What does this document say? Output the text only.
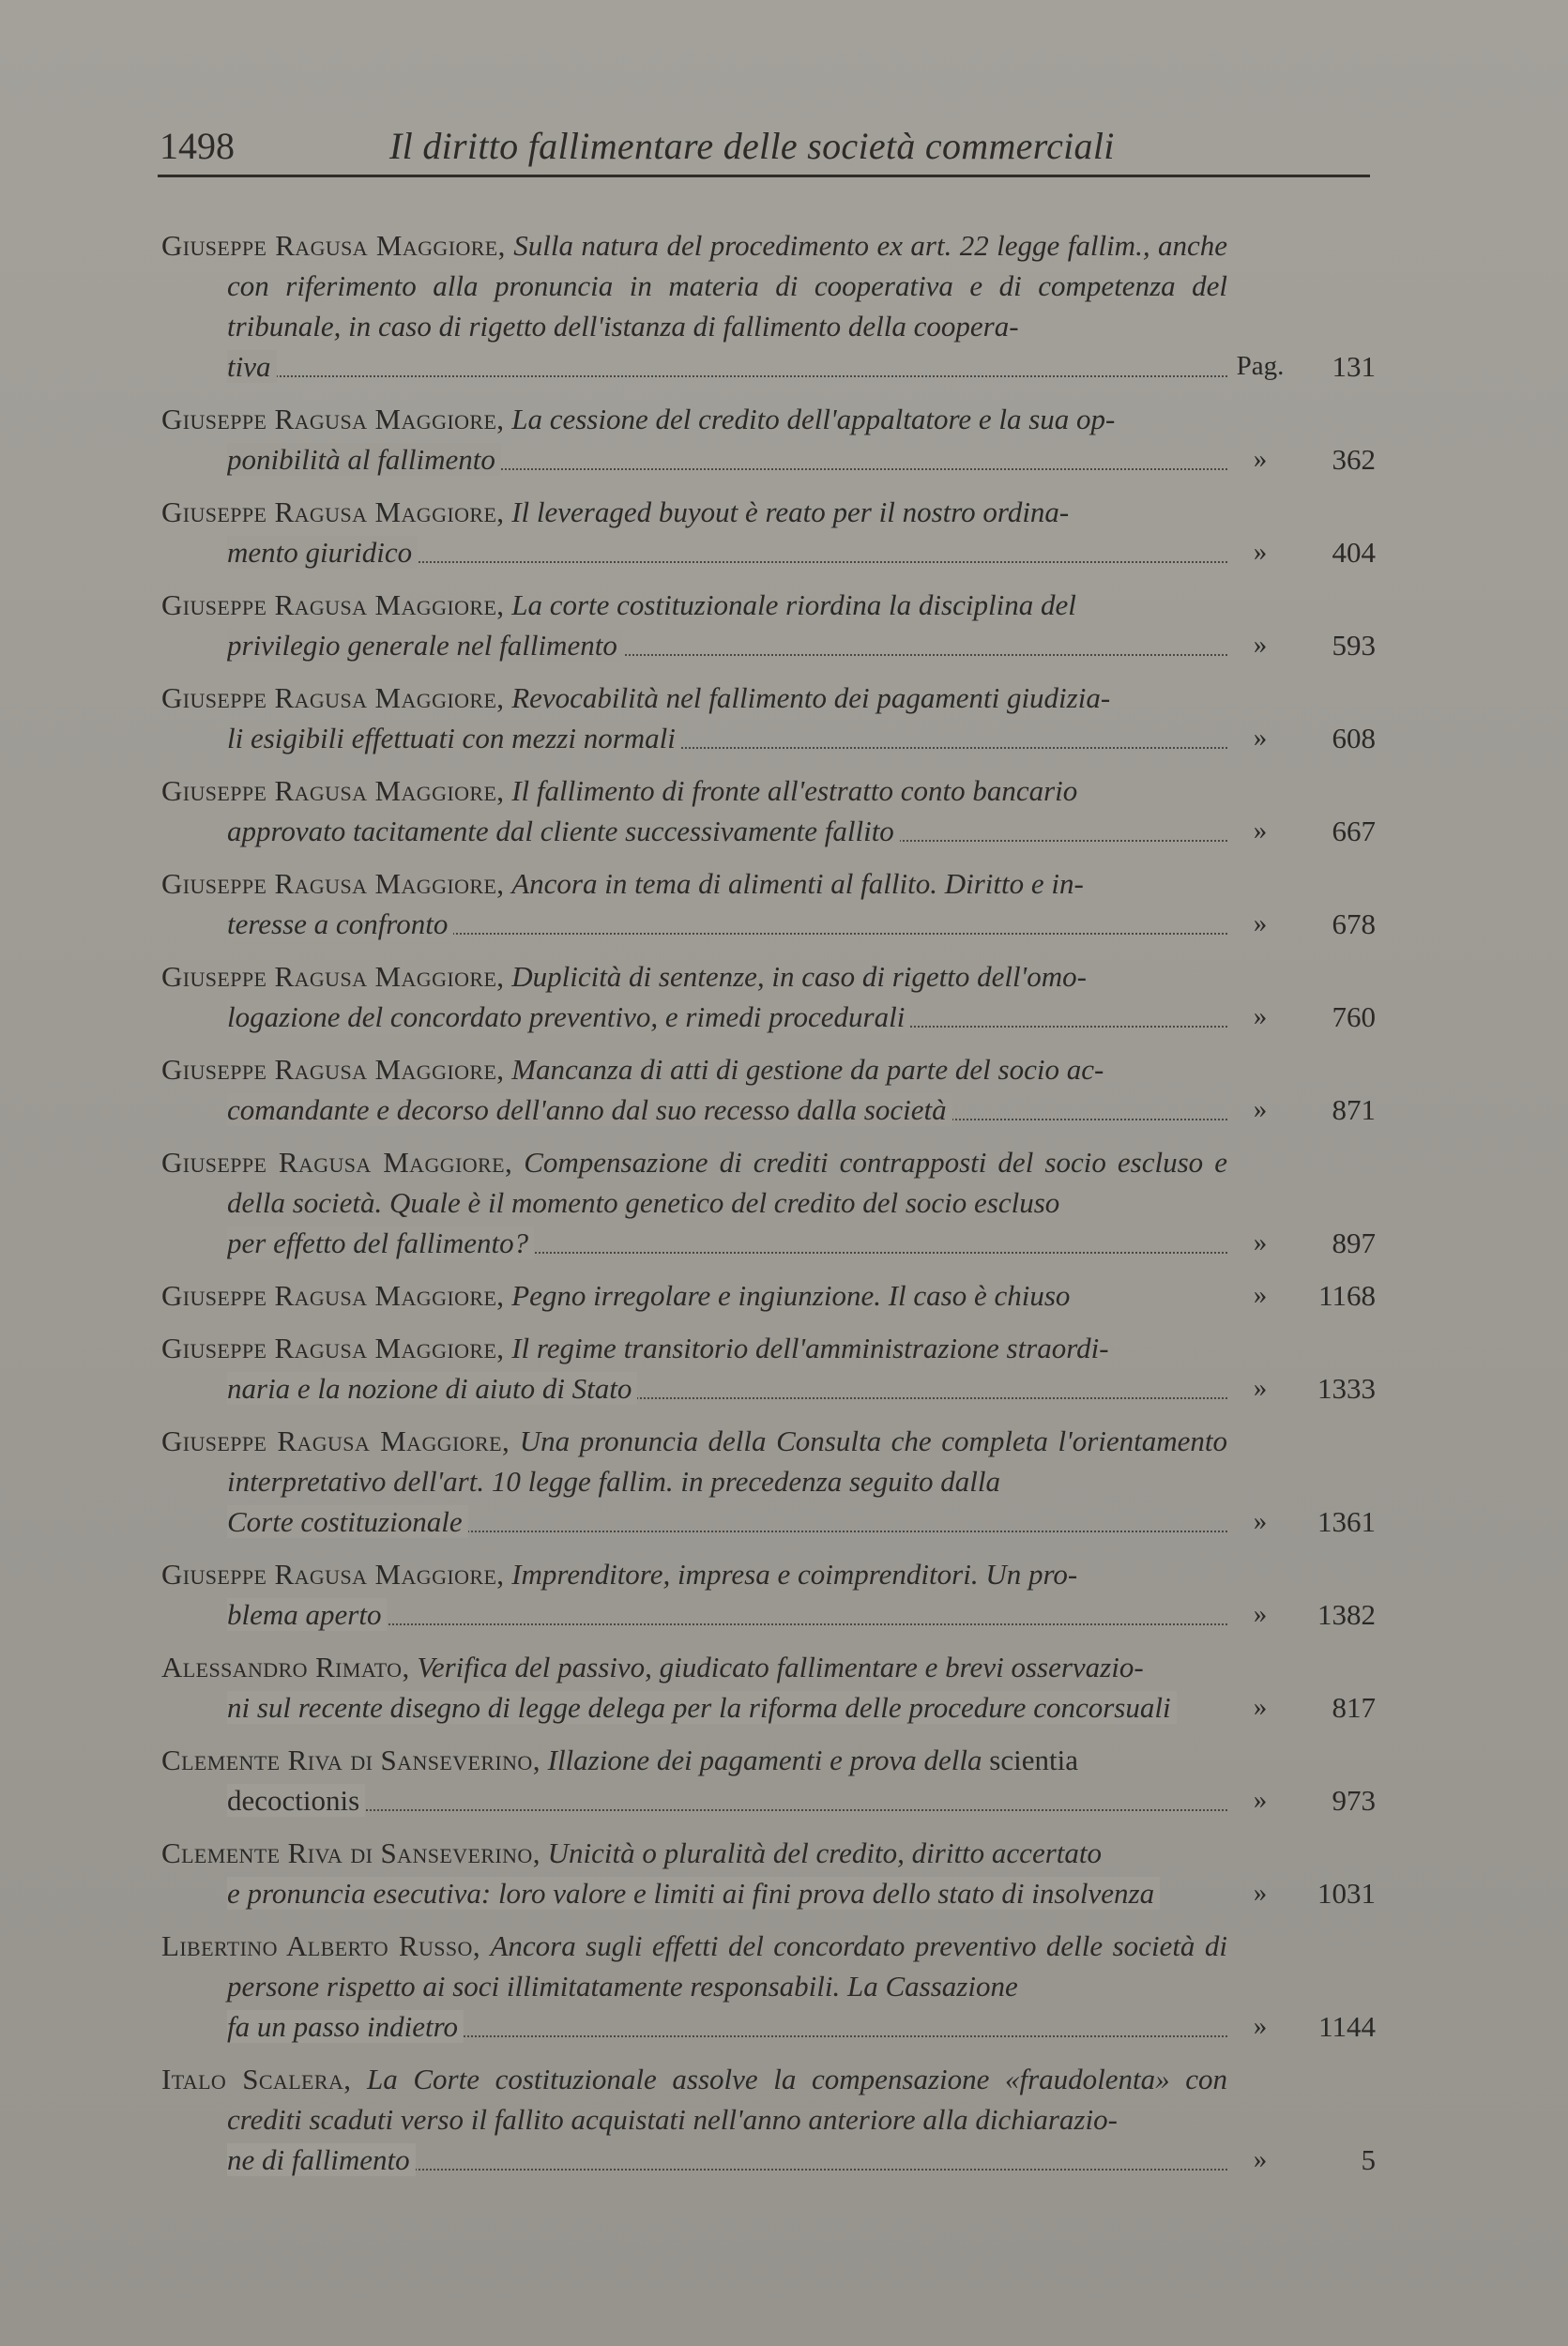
1498	Il diritto fallimentare delle società commerciali
Giuseppe Ragusa Maggiore, Sulla natura del procedimento ex art. 22 legge fallim., anche con riferimento alla pronuncia in materia di cooperativa e di competenza del tribunale, in caso di rigetto dell'istanza di fallimento della coopera-
tiva	Pag.	131
Giuseppe Ragusa Maggiore, La cessione del credito dell'appaltatore e la sua op-
ponibilità al fallimento	»	362
Giuseppe Ragusa Maggiore, Il leveraged buyout è reato per il nostro ordina-
mento giuridico	»	404
Giuseppe Ragusa Maggiore, La corte costituzionale riordina la disciplina del
privilegio generale nel fallimento	»	593
Giuseppe Ragusa Maggiore, Revocabilità nel fallimento dei pagamenti giudizia-
li esigibili effettuati con mezzi normali	»	608
Giuseppe Ragusa Maggiore, Il fallimento di fronte all'estratto conto bancario
approvato tacitamente dal cliente successivamente fallito	»	667
Giuseppe Ragusa Maggiore, Ancora in tema di alimenti al fallito. Diritto e in-
teresse a confronto	»	678
Giuseppe Ragusa Maggiore, Duplicità di sentenze, in caso di rigetto dell'omo-
logazione del concordato preventivo, e rimedi procedurali	»	760
Giuseppe Ragusa Maggiore, Mancanza di atti di gestione da parte del socio ac-
comandante e decorso dell'anno dal suo recesso dalla società	»	871
Giuseppe Ragusa Maggiore, Compensazione di crediti contrapposti del socio escluso e della società. Quale è il momento genetico del credito del socio escluso
per effetto del fallimento?	»	897
Giuseppe Ragusa Maggiore, Pegno irregolare e ingiunzione. Il caso è chiuso	»	1168
Giuseppe Ragusa Maggiore, Il regime transitorio dell'amministrazione straordi-
naria e la nozione di aiuto di Stato	»	1333
Giuseppe Ragusa Maggiore, Una pronuncia della Consulta che completa l'orientamento interpretativo dell'art. 10 legge fallim. in precedenza seguito dalla
Corte costituzionale	»	1361
Giuseppe Ragusa Maggiore, Imprenditore, impresa e coimprenditori. Un pro-
blema aperto	»	1382
Alessandro Rimato, Verifica del passivo, giudicato fallimentare e brevi osservazio-
ni sul recente disegno di legge delega per la riforma delle procedure concorsuali	»	817
Clemente Riva di Sanseverino, Illazione dei pagamenti e prova della scientia
decoctionis	»	973
Clemente Riva di Sanseverino, Unicità o pluralità del credito, diritto accertato
e pronuncia esecutiva: loro valore e limiti ai fini prova dello stato di insolvenza	»	1031
Libertino Alberto Russo, Ancora sugli effetti del concordato preventivo delle società di persone rispetto ai soci illimitatamente responsabili. La Cassazione
fa un passo indietro	»	1144
Italo Scalera, La Corte costituzionale assolve la compensazione «fraudolenta» con crediti scaduti verso il fallito acquistati nell'anno anteriore alla dichiarazio-
ne di fallimento	»	5
